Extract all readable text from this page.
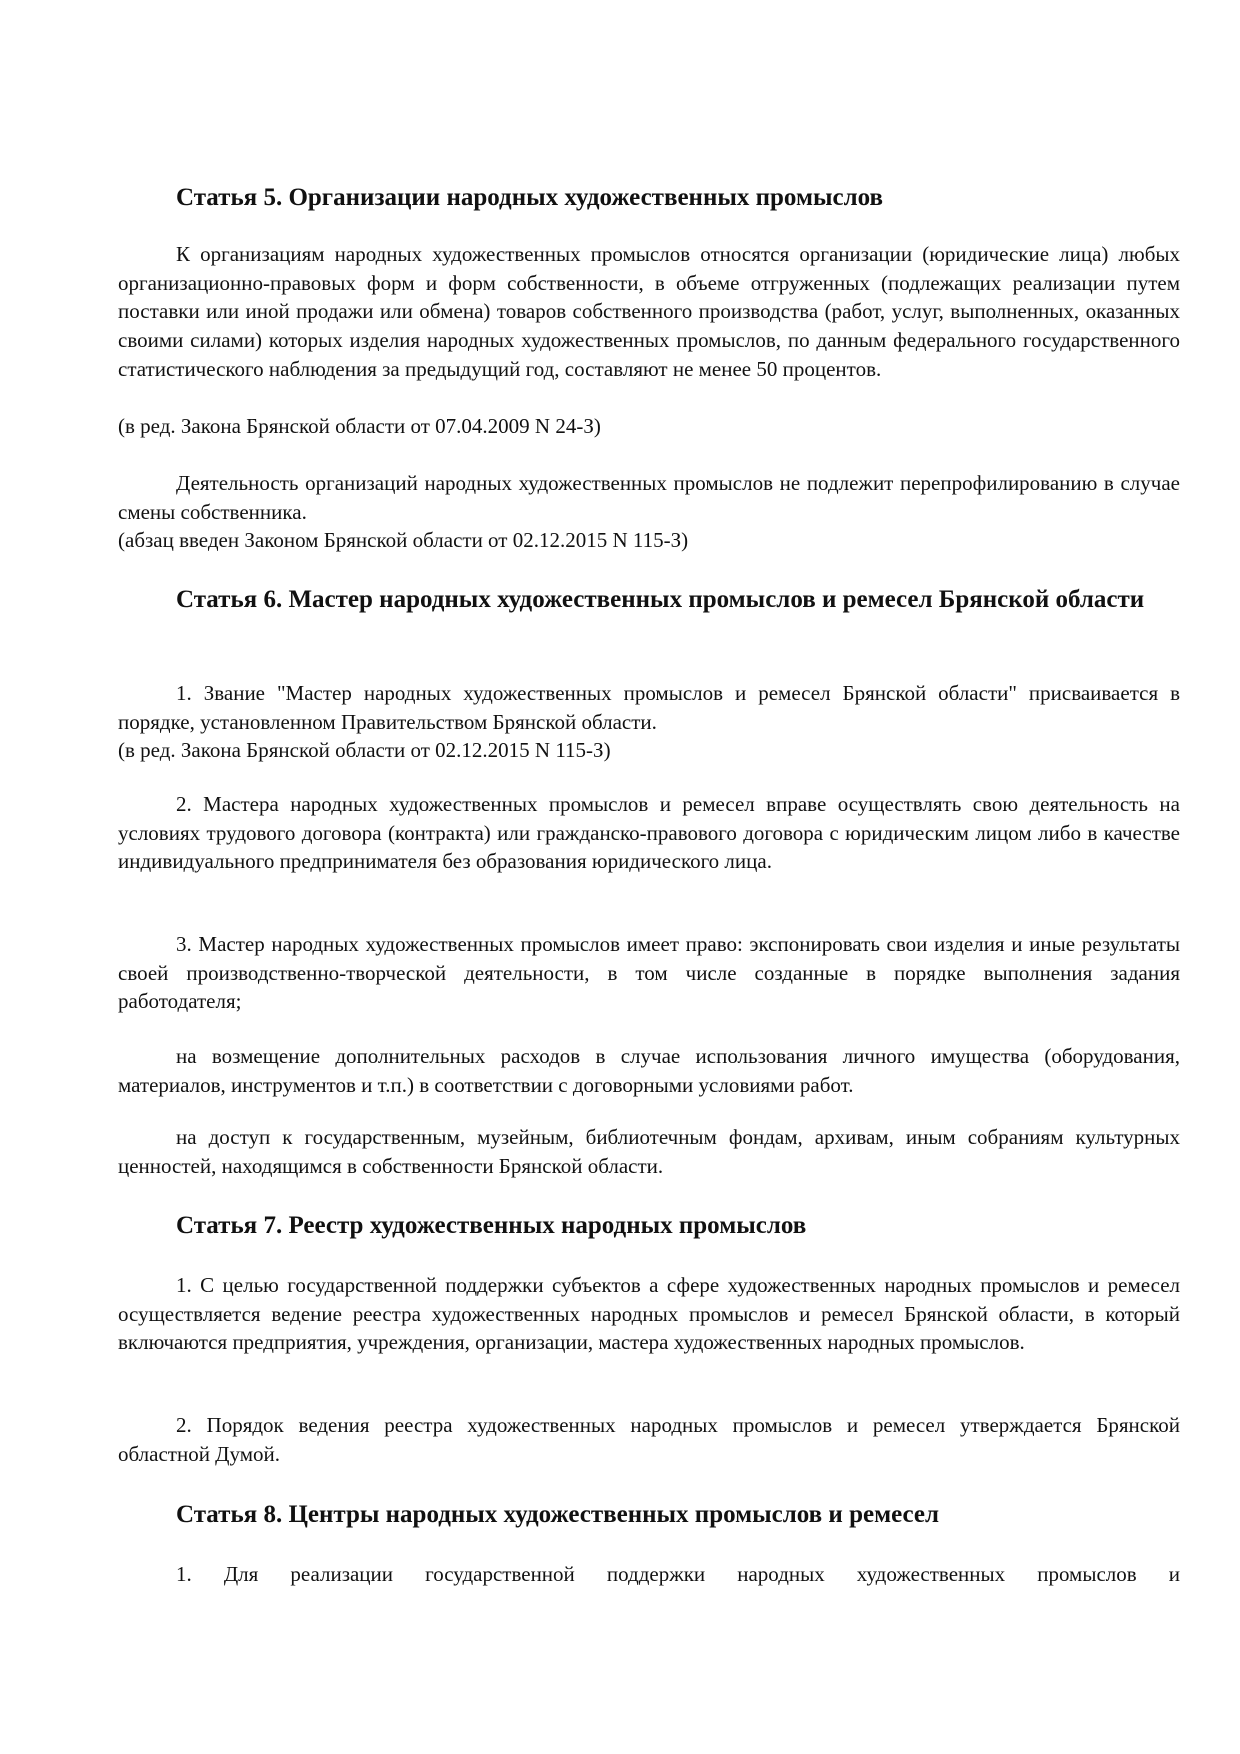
Статья 5. Организации народных художественных промыслов
К организациям народных художественных промыслов относятся организации (юридические лица) любых организационно-правовых форм и форм собственности, в объеме отгруженных (подлежащих реализации путем поставки или иной продажи или обмена) товаров собственного производства (работ, услуг, выполненных, оказанных своими силами) которых изделия народных художественных промыслов, по данным федерального государственного статистического наблюдения за предыдущий год, составляют не менее 50 процентов.
(в ред. Закона Брянской области от 07.04.2009 N 24-З)
Деятельность организаций народных художественных промыслов не подлежит перепрофилированию в случае смены собственника.
(абзац введен Законом Брянской области от 02.12.2015 N 115-З)
Статья 6. Мастер народных художественных промыслов и ремесел Брянской области
1. Звание "Мастер народных художественных промыслов и ремесел Брянской области" присваивается в порядке, установленном Правительством Брянской области.
(в ред. Закона Брянской области от 02.12.2015 N 115-З)
2. Мастера народных художественных промыслов и ремесел вправе осуществлять свою деятельность на условиях трудового договора (контракта) или гражданско-правового договора с юридическим лицом либо в качестве индивидуального предпринимателя без образования юридического лица.
3. Мастер народных художественных промыслов имеет право: экспонировать свои изделия и иные результаты своей производственно-творческой деятельности, в том числе созданные в порядке выполнения задания работодателя;
на возмещение дополнительных расходов в случае использования личного имущества (оборудования, материалов, инструментов и т.п.) в соответствии с договорными условиями работ.
на доступ к государственным, музейным, библиотечным фондам, архивам, иным собраниям культурных ценностей, находящимся в собственности Брянской области.
Статья 7. Реестр художественных народных промыслов
1. С целью государственной поддержки субъектов а сфере художественных народных промыслов и ремесел осуществляется ведение реестра художественных народных промыслов и ремесел Брянской области, в который включаются предприятия, учреждения, организации, мастера художественных народных промыслов.
2. Порядок ведения реестра художественных народных промыслов и ремесел утверждается Брянской областной Думой.
Статья 8. Центры народных художественных промыслов и ремесел
1. Для реализации государственной поддержки народных художественных промыслов и
